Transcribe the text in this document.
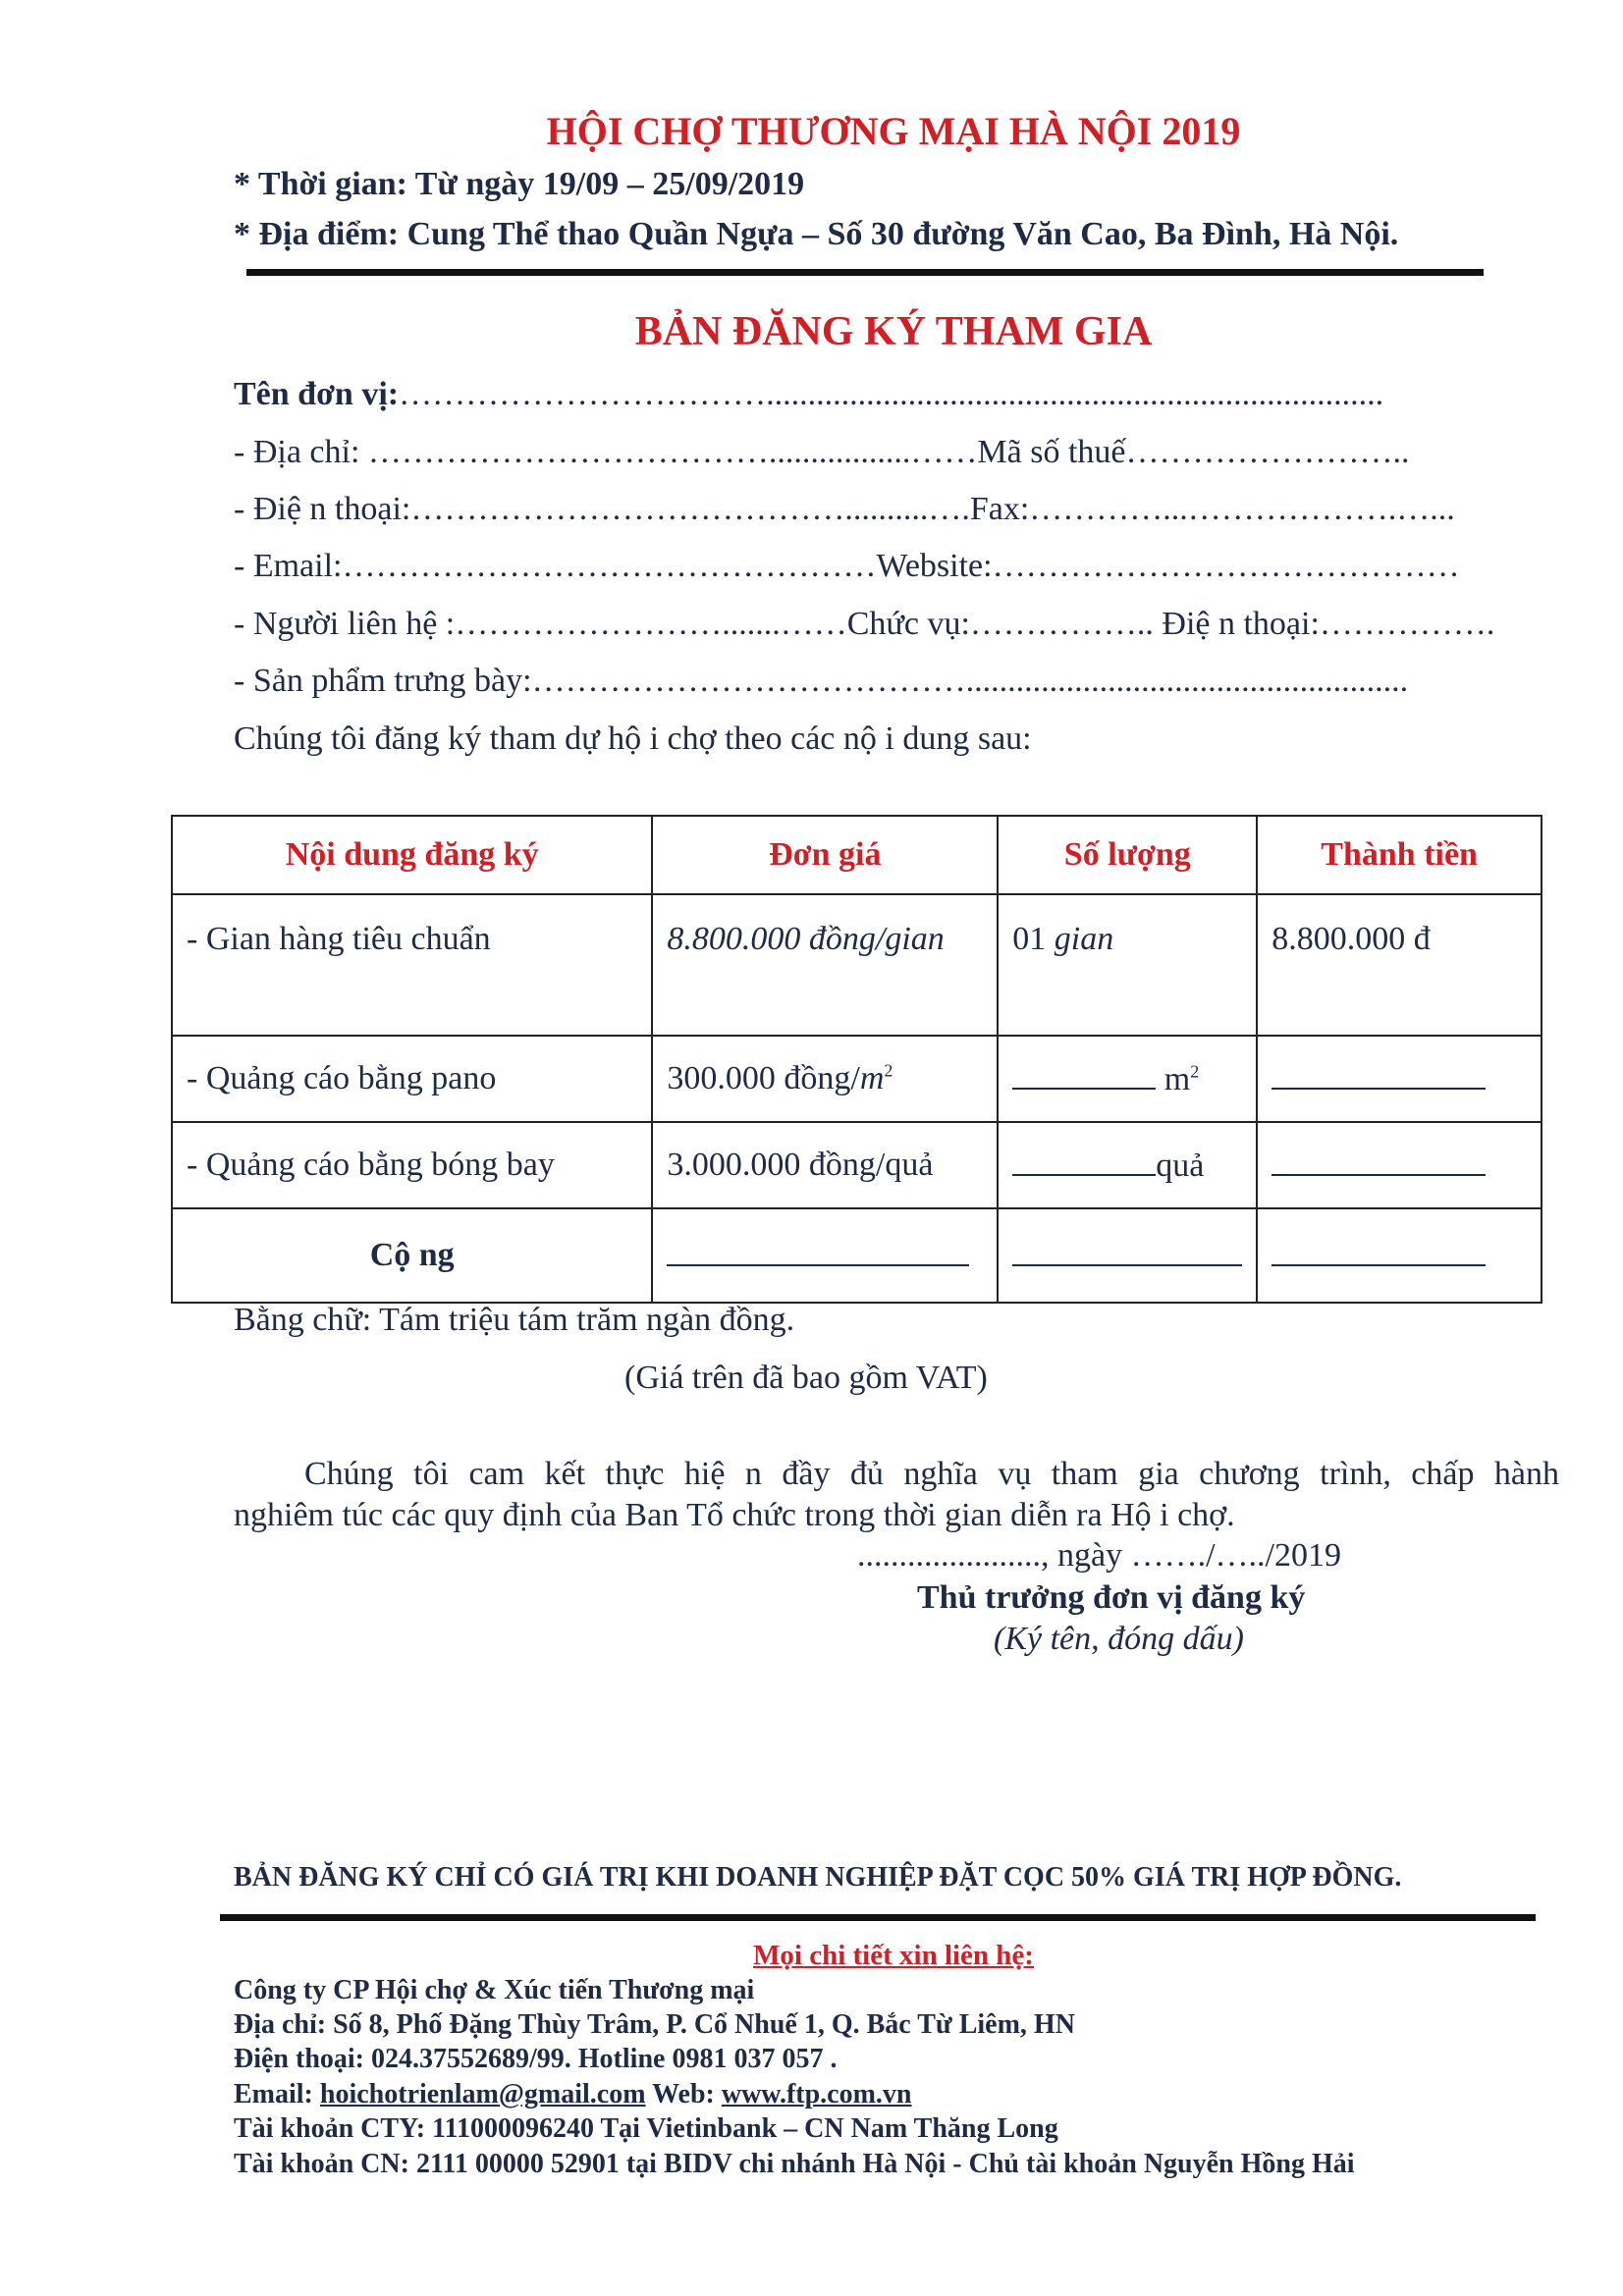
HỘI CHỢ THƯƠNG MẠI HÀ NỘI 2019
* Thời gian: Từ ngày 19/09 – 25/09/2019
* Địa điểm: Cung Thể thao Quần Ngựa – Số 30 đường Văn Cao, Ba Đình, Hà Nội.
BẢN ĐĂNG KÝ THAM GIA
Tên đơn vị:……………………………..........................................................................
- Địa chỉ: ……………………………….................……Mã số thuế……………………..
- Điệ n thoại:…………………………………..........….Fax:…………...……………….…...
- Email:…………………………………………Website:……………………………………
- Người liên hệ :…………………….......……Chức vụ:…………….. Điệ n thoại:…………….
- Sản phẩm trưng bày:………………………………….....................................................
Chúng tôi đăng ký tham dự hộ i chợ theo các nộ i dung sau:
Nội dung đăng ký	Đơn giá	Số lượng	Thành tiền
- Gian hàng tiêu chuẩn	8.800.000 đồng/gian	01 gian	8.800.000 đ
- Quảng cáo bằng pano	300.000 đồng/$m^2$	$m^2$	
- Quảng cáo bằng bóng bay	3.000.000 đồng/quả	quả	
Cộ ng			
Bằng chữ: Tám triệu tám trăm ngàn đồng.
(Giá trên đã bao gồm VAT)
Chúng tôi cam kết thực hiệ n đầy đủ nghĩa vụ tham gia chương trình, chấp hành
nghiêm túc các quy định của Ban Tổ chức trong thời gian diễn ra Hộ i chợ.
......................, ngày ……./…../2019
Thủ trưởng đơn vị đăng ký
(Ký tên, đóng dấu)
BẢN ĐĂNG KÝ CHỈ CÓ GIÁ TRỊ KHI DOANH NGHIỆP ĐẶT CỌC 50% GIÁ TRỊ HỢP ĐỒNG.
Mọi chi tiết xin liên hệ:
Công ty CP Hội chợ & Xúc tiến Thương mại
Địa chỉ: Số 8, Phố Đặng Thùy Trâm, P. Cổ Nhuế 1, Q. Bắc Từ Liêm, HN
Điện thoại: 024.37552689/99. Hotline 0981 037 057 .
Email: hoichotrienlam@gmail.com Web: www.ftp.com.vn
Tài khoản CTY: 111000096240 Tại Vietinbank – CN Nam Thăng Long
Tài khoản CN: 2111 00000 52901 tại BIDV chi nhánh Hà Nội - Chủ tài khoản Nguyễn Hồng Hải
